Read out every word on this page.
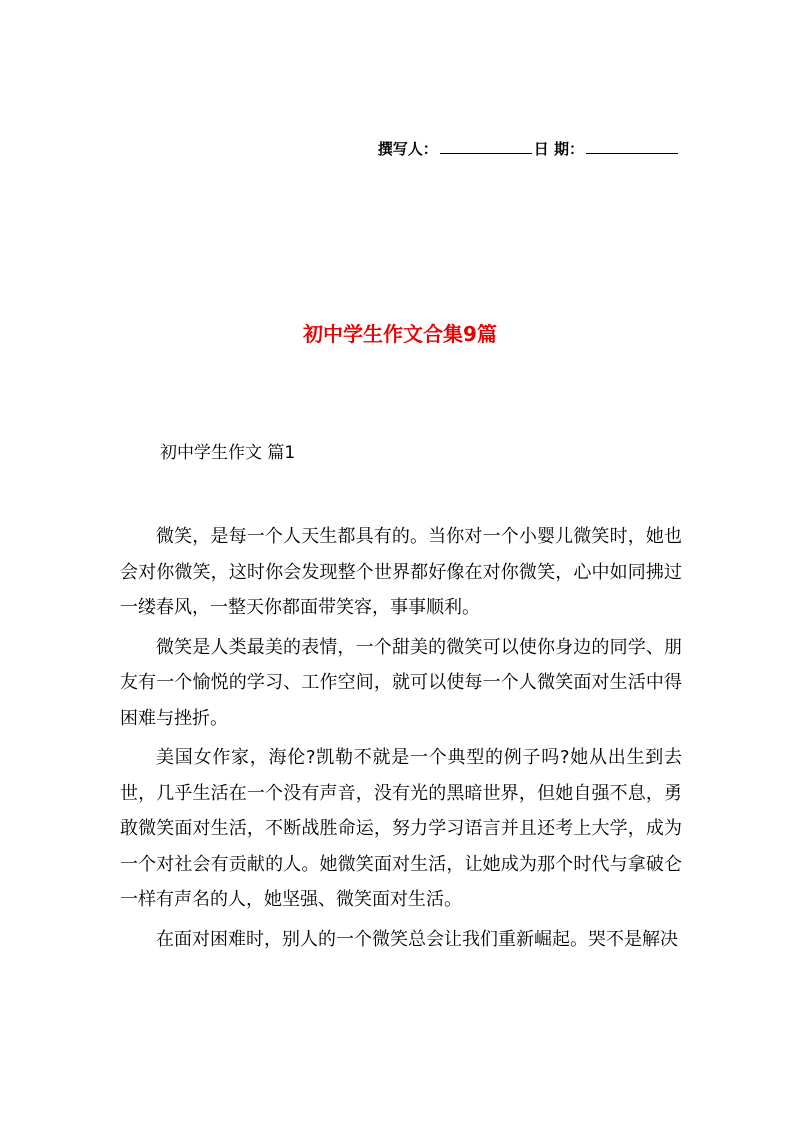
撰写人：	日 期：
初中学生作文合集9篇
初中学生作文 篇1

微笑，是每一个人天生都具有的。当你对一个小婴儿微笑时，她也会对你微笑，这时你会发现整个世界都好像在对你微笑，心中如同拂过一缕春风，一整天你都面带笑容，事事顺利。

微笑是人类最美的表情，一个甜美的微笑可以使你身边的同学、朋友有一个愉悦的学习、工作空间，就可以使每一个人微笑面对生活中得困难与挫折。

美国女作家，海伦?凯勒不就是一个典型的例子吗?她从出生到去世，几乎生活在一个没有声音，没有光的黑暗世界，但她自强不息，勇敢微笑面对生活，不断战胜命运，努力学习语言并且还考上大学，成为一个对社会有贡献的人。她微笑面对生活，让她成为那个时代与拿破仑一样有声名的人，她坚强、微笑面对生活。

在面对困难时，别人的一个微笑总会让我们重新崛起。哭不是解决
